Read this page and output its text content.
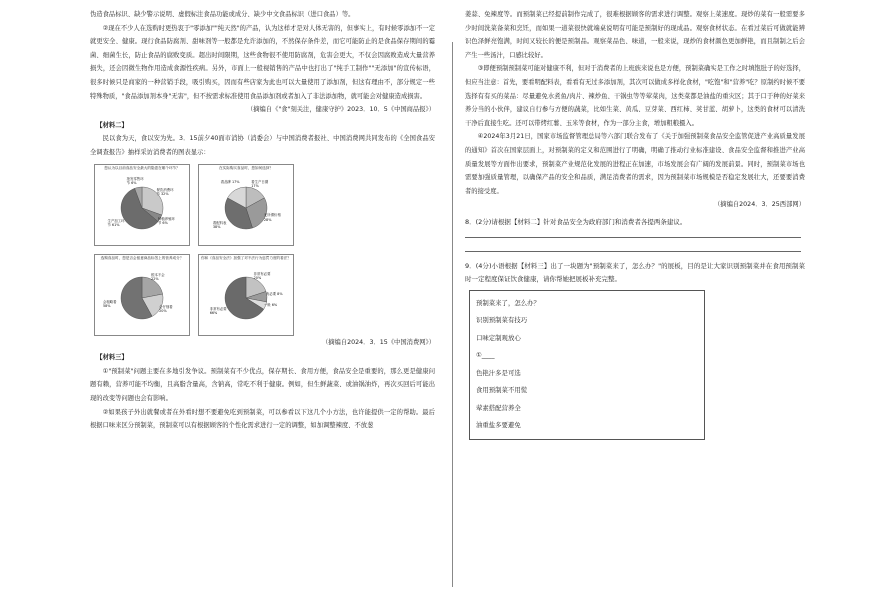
伪造食品标识、缺少警示说明、虚假标注食品功能或成分、缺少中文食品标识（进口食品）等。

②现在不少人在选购时更热衷于"零添加""纯天然"的产品，认为这样才是对人体无害的，但事实上，有时候零添加不一定就更安全、健康。现行食品防腐剂、甜味剂等一般都是允许添加的，不然保存条件差，而它可能防止的是食品保存期间的霉菌、细菌生长，防止食品的腐败变质。超出时间限期，这些食物很不使用防腐剂，危害会更大，不仅会因腐败造成大量营养损失，还会因微生物作用造成食源性疾病。另外，市面上一般视销售的产品中也打出了"纯手工制作""无添加"的宣传标语，很多时候只是商家的一种营销手段，吸引购买，因而有些店家为此也可以大量使用了添加剂，但这有理由不，部分规定一些特殊物质，"食品添加剂本身"无害"，但不按需求标准使用食品添加剂或者加入了非法添加物，就可能会对健康造成损害。

（摘编自《"食"刻关注，健康守护》2023．10．5《中国商品报》）

【材料二】

民以食为天，食以安为先。3．15前夕40面市消协（消委会）与中国消费者报社、中国消费网共同发布的《全国食品安全调查报告》抽样采访消费者的图表显示：

您认为以目前食品安全最大的隐患在哪个环节？
餐饮消费环节 32%
种植养殖环节 6%
生产加工环节 61%
批发零售环节 6%
在实际购买食品时，您如何选择？
看生产日期 17%
无所谓价格 28%
看配料表 38%
看品牌 17%
选购食品时，您是否会留意商品标签上的营养成分？
根本不会 22%
会仔细看 20%
会粗略看 58%
你和《食品安全法》加强了对不法行为惩罚力度的看法？
非常有必要 20%
有必要 8%
一般 6%
非常有必要 66%

（摘编自2024．3．15《中国消费网》）

【材料三】

①"预制菜"问题主要在多地引发争议。预制菜有不少优点，保存期长、食用方便，食品安全是重要的，那么更是健康问题有赖，营养可能不均衡，且高脂含量高，含钠高，常吃不利于健康。例如，但生鲜蔬菜、或油锅油炸，再次买回后可能出现的改变等问题也会有影响。

②如果孩子外出就餐或者在外看时想不要避免吃到预制菜，可以参看以下这几个小方法，也许能提供一定的帮助。最后根据口味来区分预制菜，预制菜可以有根据顾客的个性化需求进行一定的调整，如加调整辣度、不放葱

姜蒜、免辣度等。而预制菜已经提前制作完成了，很难根据顾客的需求进行调整。观察上菜速度。现炒的菜有一般需要多少时间洗菜备菜和烹饪，而如果一道菜很快就端桌说明有可能是预制好的现成品。观察食材状态。在看过菜后可做就能辨识色泽鲜亮饱满，时间又较长的便是预制品。观察菜品色、味道，一般来说，现炒的食材颜色更加鲜艳，而且制制之后会产生一些汤汁，口感比较好。

③即便预制预制菜可能对健康不利，但对于消费者的上班族来说也是方便，预制菜确实是工作之时填饱肚子的好选择，但应当注意：首先，要看明配料表，看看有无过多添加剂，其次可以做成多样化食材，"吃饱"和"营养"吃？原制约时候不要选择有有买的菜品：尽量避免水煮鱼/肉片、辣炒鱼、干锅虫等等荤菜肉，这类菜都是油盐的重灾区；其于口于种的好菜来养分当的小伙伴，建议自行参与方便的蔬菜，比如生菜、黄瓜、豆芽菜、西红柿、荚甘蓝、胡萝卜，这类的食材可以清洗干净后直接生吃。还可以带烤红薯、玉米等食材，作为一部分主食，增加粗粮摄入。

④2024年3月21日，国家市场监督管理总局等六部门联合发布了《关于加强预制菜食品安全监管促进产业高质量发展的通知》首次在国家层面上，对预制菜的定义和范围进行了明确，明确了推动行业标准建设、食品安全监督和推进产业高质量发展等方面作出要求，预制菜产业规范化发展的进程正在加速，市场发展会有广阔的发展前景。同时，预制菜市场也需要加强质量管理，以确保产品的安全和品质，满足消费者的需求，因为预制菜市场规模是否稳定发展壮大，还要要消费者的接受度。

（摘编自2024．3．25西部网）

8．(2分)请根据【材料二】针对食品安全为政府部门和消费者各提两条建议。

9．(4分)小语根据【材料三】出了一块题为"预制菜来了，怎么办？"的展板，目的是让大家识别预制菜并在食用预制菜时一定程度保证饮食健康，请你帮她把展板补充完整。

预制菜来了，怎么办？
识别预制菜有技巧
口味定制观放心
①____
色艳汁多是可选
食用预制菜不用慌
荤素搭配营养全
油重盐多要避免
